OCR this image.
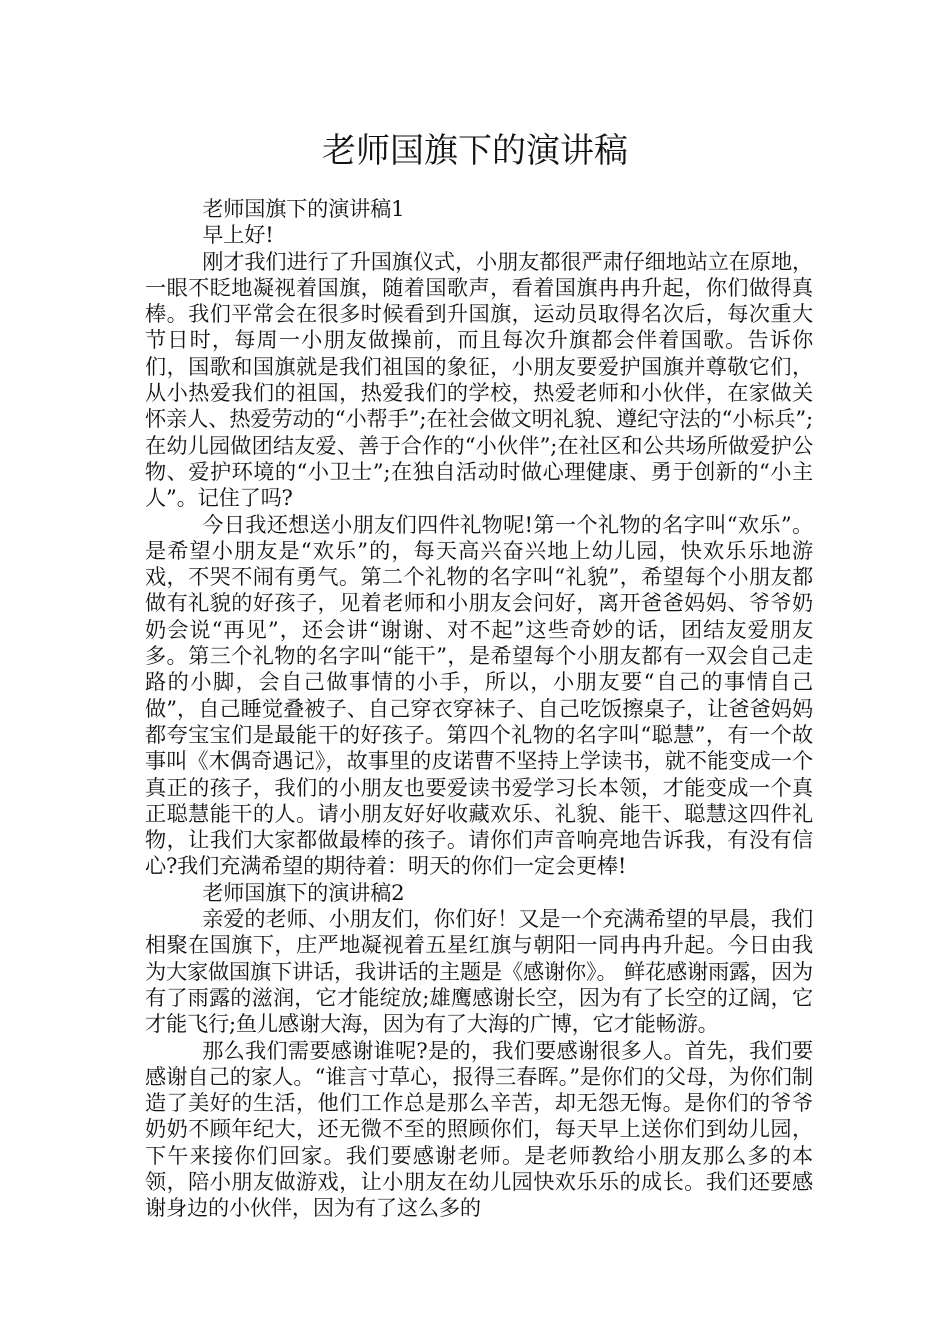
老师国旗下的演讲稿

老师国旗下的演讲稿1

早上好!

刚才我们进行了升国旗仪式，小朋友都很严肃仔细地站立在原地，一眼不眨地凝视着国旗，随着国歌声，看着国旗冉冉升起，你们做得真棒。我们平常会在很多时候看到升国旗，运动员取得名次后，每次重大节日时，每周一小朋友做操前，而且每次升旗都会伴着国歌。告诉你们，国歌和国旗就是我们祖国的象征，小朋友要爱护国旗并尊敬它们，从小热爱我们的祖国，热爱我们的学校，热爱老师和小伙伴，在家做关怀亲人、热爱劳动的“小帮手”;在社会做文明礼貌、遵纪守法的“小标兵”;在幼儿园做团结友爱、善于合作的“小伙伴”;在社区和公共场所做爱护公物、爱护环境的“小卫士”;在独自活动时做心理健康、勇于创新的“小主人”。记住了吗?

今日我还想送小朋友们四件礼物呢!第一个礼物的名字叫“欢乐”。是希望小朋友是“欢乐”的，每天高兴奋兴地上幼儿园，快欢乐乐地游戏，不哭不闹有勇气。第二个礼物的名字叫“礼貌”，希望每个小朋友都做有礼貌的好孩子，见着老师和小朋友会问好，离开爸爸妈妈、爷爷奶奶会说“再见”，还会讲“谢谢、对不起”这些奇妙的话，团结友爱朋友多。第三个礼物的名字叫“能干”，是希望每个小朋友都有一双会自己走路的小脚，会自己做事情的小手，所以，小朋友要“自己的事情自己做”，自己睡觉叠被子、自己穿衣穿袜子、自己吃饭擦桌子，让爸爸妈妈都夸宝宝们是最能干的好孩子。第四个礼物的名字叫“聪慧”，有一个故事叫《木偶奇遇记》，故事里的皮诺曹不坚持上学读书，就不能变成一个真正的孩子，我们的小朋友也要爱读书爱学习长本领，才能变成一个真正聪慧能干的人。请小朋友好好收藏欢乐、礼貌、能干、聪慧这四件礼物，让我们大家都做最棒的孩子。请你们声音响亮地告诉我，有没有信心?我们充满希望的期待着：明天的你们一定会更棒!

老师国旗下的演讲稿2

亲爱的老师、小朋友们，你们好！又是一个充满希望的早晨，我们相聚在国旗下，庄严地凝视着五星红旗与朝阳一同冉冉升起。今日由我为大家做国旗下讲话，我讲话的主题是《感谢你》。 鲜花感谢雨露，因为有了雨露的滋润，它才能绽放;雄鹰感谢长空，因为有了长空的辽阔，它才能飞行;鱼儿感谢大海，因为有了大海的广博，它才能畅游。

那么我们需要感谢谁呢?是的，我们要感谢很多人。首先，我们要感谢自己的家人。“谁言寸草心，报得三春晖。”是你们的父母，为你们制造了美好的生活，他们工作总是那么辛苦，却无怨无悔。是你们的爷爷奶奶不顾年纪大，还无微不至的照顾你们，每天早上送你们到幼儿园，下午来接你们回家。我们要感谢老师。是老师教给小朋友那么多的本领，陪小朋友做游戏，让小朋友在幼儿园快欢乐乐的成长。我们还要感谢身边的小伙伴，因为有了这么多的
